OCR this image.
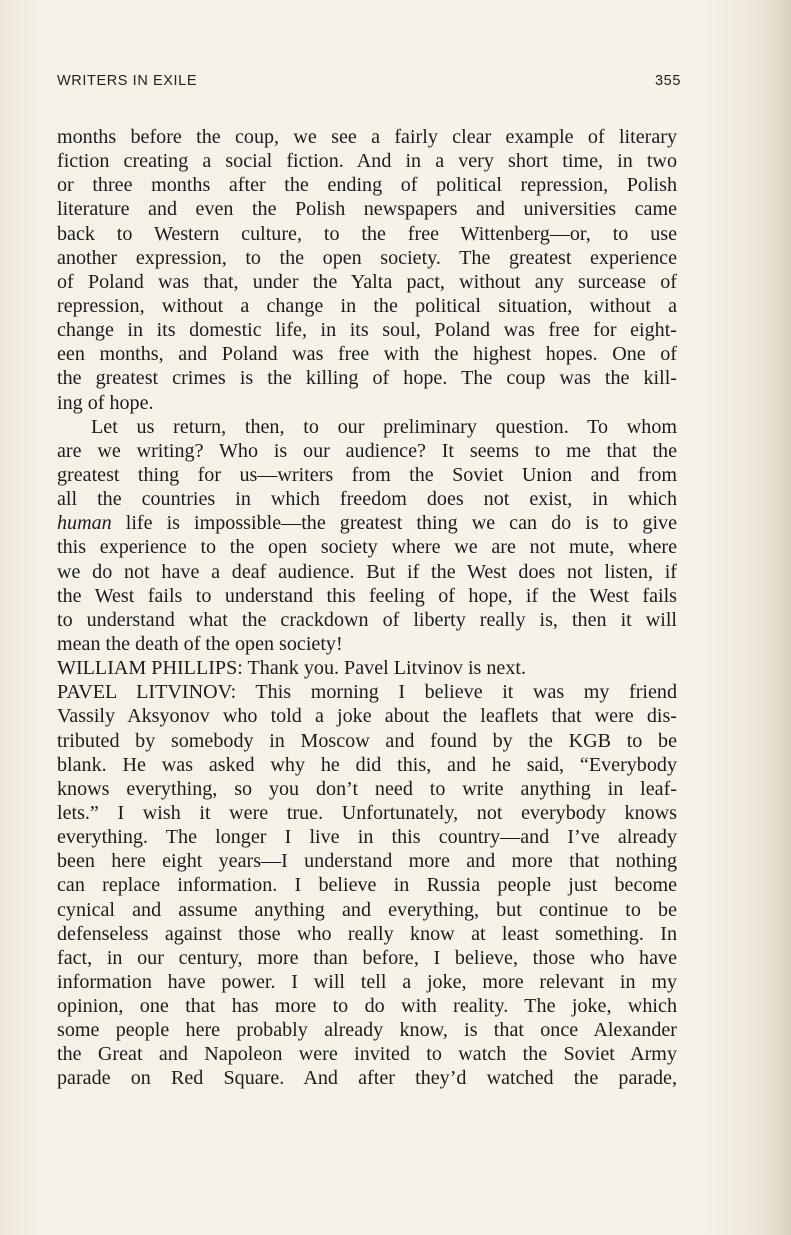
WRITERS IN EXILE	355
months before the coup, we see a fairly clear example of literary
fiction creating a social fiction. And in a very short time, in two
or three months after the ending of political repression, Polish
literature and even the Polish newspapers and universities came
back to Western culture, to the free Wittenberg—or, to use
another expression, to the open society. The greatest experience
of Poland was that, under the Yalta pact, without any surcease of
repression, without a change in the political situation, without a
change in its domestic life, in its soul, Poland was free for eight-
een months, and Poland was free with the highest hopes. One of
the greatest crimes is the killing of hope. The coup was the kill-
ing of hope.
Let us return, then, to our preliminary question. To whom
are we writing? Who is our audience? It seems to me that the
greatest thing for us—writers from the Soviet Union and from
all the countries in which freedom does not exist, in which
human life is impossible—the greatest thing we can do is to give
this experience to the open society where we are not mute, where
we do not have a deaf audience. But if the West does not listen, if
the West fails to understand this feeling of hope, if the West fails
to understand what the crackdown of liberty really is, then it will
mean the death of the open society!
WILLIAM PHILLIPS: Thank you. Pavel Litvinov is next.
PAVEL LITVINOV: This morning I believe it was my friend
Vassily Aksyonov who told a joke about the leaflets that were dis-
tributed by somebody in Moscow and found by the KGB to be
blank. He was asked why he did this, and he said, “Everybody
knows everything, so you don’t need to write anything in leaf-
lets.” I wish it were true. Unfortunately, not everybody knows
everything. The longer I live in this country—and I’ve already
been here eight years—I understand more and more that nothing
can replace information. I believe in Russia people just become
cynical and assume anything and everything, but continue to be
defenseless against those who really know at least something. In
fact, in our century, more than before, I believe, those who have
information have power. I will tell a joke, more relevant in my
opinion, one that has more to do with reality. The joke, which
some people here probably already know, is that once Alexander
the Great and Napoleon were invited to watch the Soviet Army
parade on Red Square. And after they’d watched the parade,
